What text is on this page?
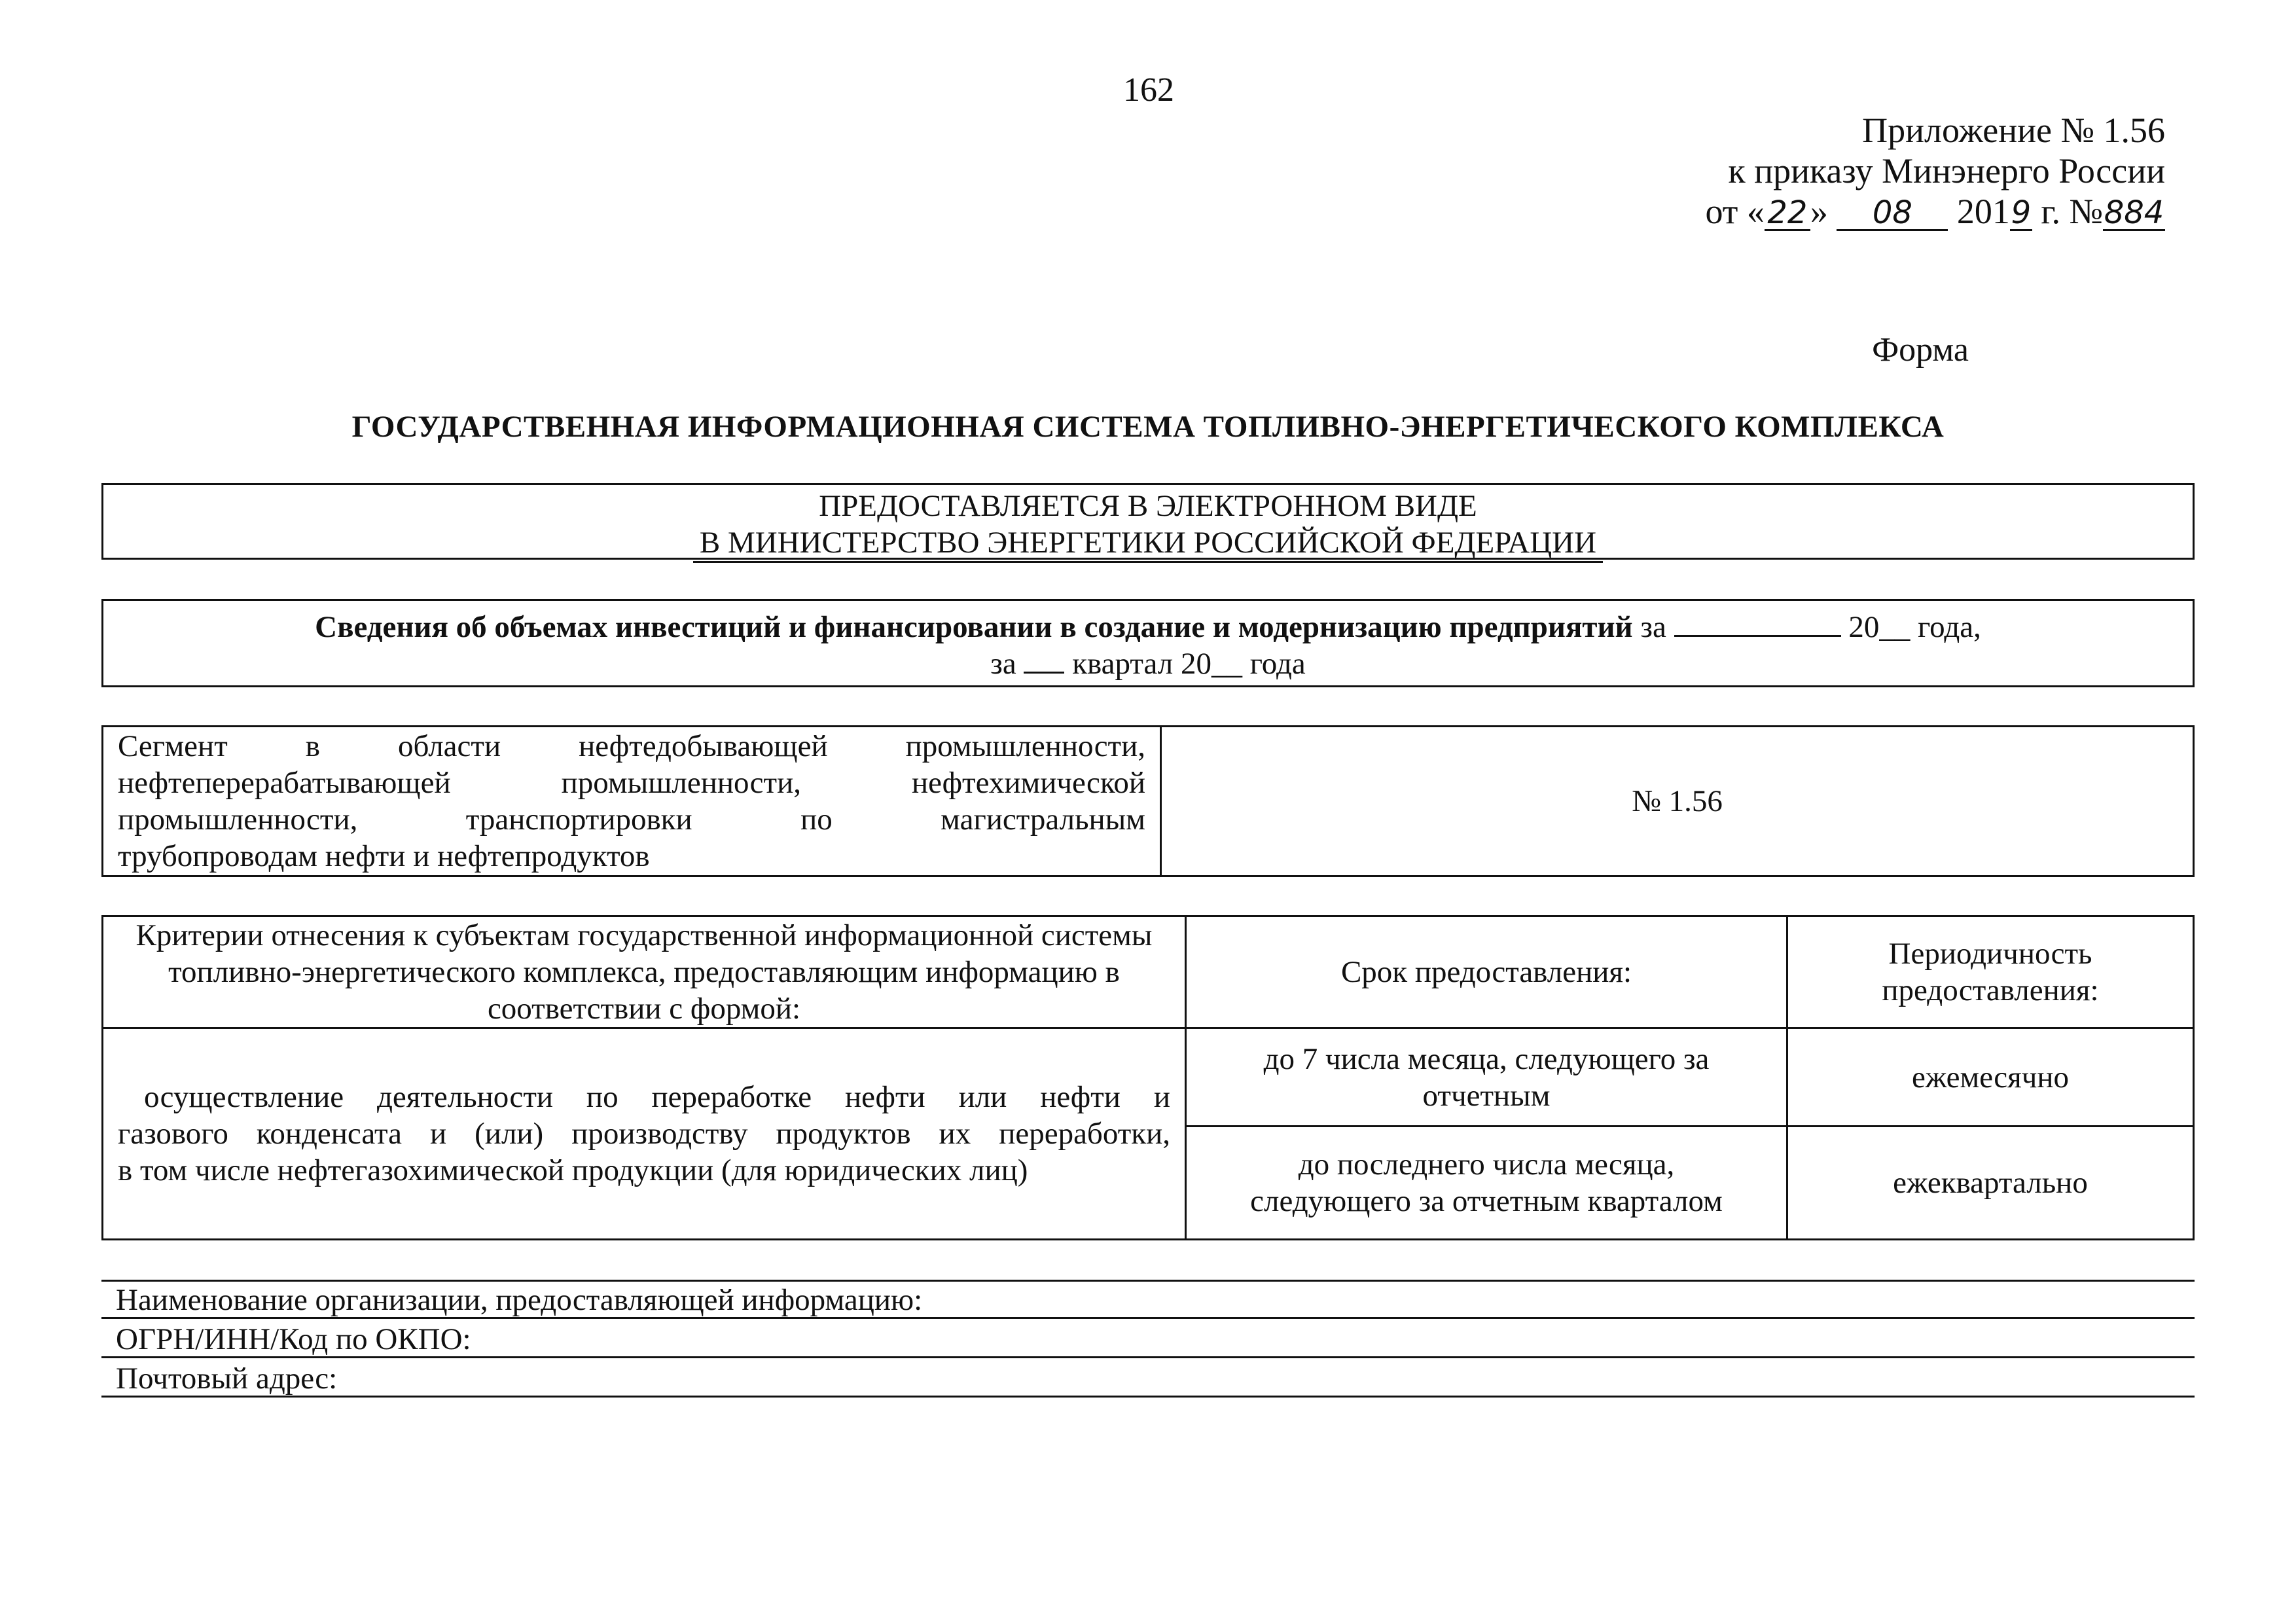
162
Приложение № 1.56
к приказу Минэнерго России
от «22» 08 2019 г. №884
Форма
ГОСУДАРСТВЕННАЯ ИНФОРМАЦИОННАЯ СИСТЕМА ТОПЛИВНО-ЭНЕРГЕТИЧЕСКОГО КОМПЛЕКСА
ПРЕДОСТАВЛЯЕТСЯ В ЭЛЕКТРОННОМ ВИДЕ
В МИНИСТЕРСТВО ЭНЕРГЕТИКИ РОССИЙСКОЙ ФЕДЕРАЦИИ
Сведения об объемах инвестиций и финансировании в создание и модернизацию предприятий за	20__ года,
за квартал 20__ года
Сегмент в области нефтедобывающей промышленности,
нефтеперерабатывающей промышленности, нефтехимической
промышленности, транспортировки по магистральным
трубопроводам нефти и нефтепродуктов
	№ 1.56
Критерии отнесения к субъектам государственной информационной системы топливно-энергетического комплекса, предоставляющим информацию в соответствии с формой:	Срок предоставления:	Периодичность предоставления:

осуществление деятельности по переработке нефти или нефти и
газового конденсата и (или) производству продуктов их переработки,
в том числе нефтегазохимической продукции (для юридических лиц)	до 7 числа месяца, следующего за отчетным	ежемесячно
	до последнего числа месяца, следующего за отчетным кварталом	ежеквартально
Наименование организации, предоставляющей информацию:
ОГРН/ИНН/Код по ОКПО:
Почтовый адрес:
